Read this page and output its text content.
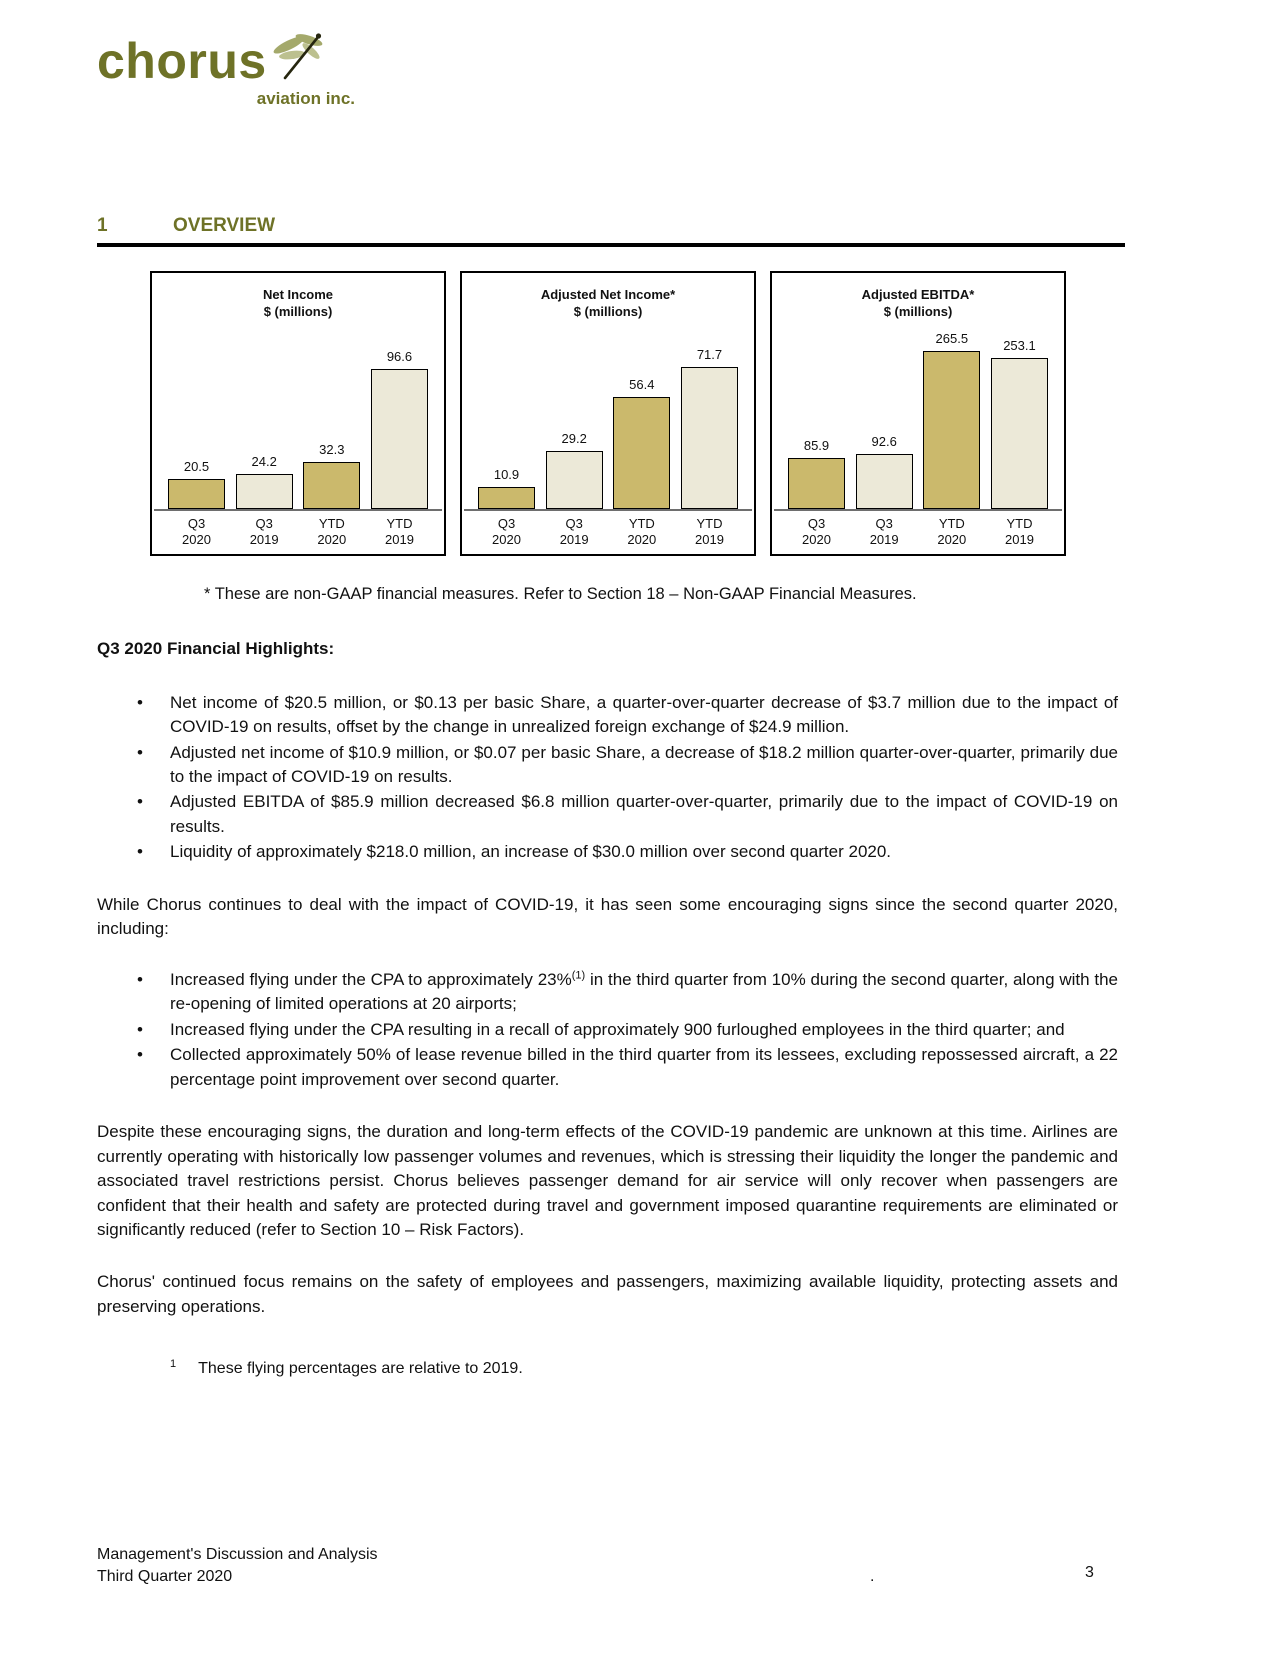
chorus
aviation inc.
1	OVERVIEW
Net Income
$ (millions)
20.5	24.2
32.3
96.6
Q3
2020
Q3
2019
YTD
2020
YTD
2019
Adjusted Net Income*
$ (millions)
10.9
29.2
56.4
71.7
Q3
2020
Q3
2019
YTD
2020
YTD
2019
Adjusted EBITDA*
$ (millions)
85.9	92.6
265.5	253.1
Q3
2020
Q3
2019
YTD
2020
YTD
2019
* These are non-GAAP financial measures. Refer to Section 18 – Non-GAAP Financial Measures.
Q3 2020 Financial Highlights:
•	Net income of $20.5 million, or $0.13 per basic Share, a quarter-over-quarter decrease of $3.7 million due to the impact of COVID-19 on results, offset by the change in unrealized foreign exchange of $24.9 million.
•	Adjusted net income of $10.9 million, or $0.07 per basic Share, a decrease of $18.2 million quarter-over-quarter, primarily due to the impact of COVID-19 on results.
•	Adjusted EBITDA of $85.9 million decreased $6.8 million quarter-over-quarter, primarily due to the impact of COVID-19 on results.
•	Liquidity of approximately $218.0 million, an increase of $30.0 million over second quarter 2020.
While Chorus continues to deal with the impact of COVID-19, it has seen some encouraging signs since the second quarter 2020, including:
•	Increased flying under the CPA to approximately 23%$^{(1)}$ in the third quarter from 10% during the second quarter, along with the re-opening of limited operations at 20 airports;
•	Increased flying under the CPA resulting in a recall of approximately 900 furloughed employees in the third quarter; and
•	Collected approximately 50% of lease revenue billed in the third quarter from its lessees, excluding repossessed aircraft, a 22 percentage point improvement over second quarter.
Despite these encouraging signs, the duration and long-term effects of the COVID-19 pandemic are unknown at this time. Airlines are currently operating with historically low passenger volumes and revenues, which is stressing their liquidity the longer the pandemic and associated travel restrictions persist. Chorus believes passenger demand for air service will only recover when passengers are confident that their health and safety are protected during travel and government imposed quarantine requirements are eliminated or significantly reduced (refer to Section 10 – Risk Factors).
Chorus' continued focus remains on the safety of employees and passengers, maximizing available liquidity, protecting assets and preserving operations.
$^1$ These flying percentages are relative to 2019.
Management's Discussion and Analysis
Third Quarter 2020	.	3
